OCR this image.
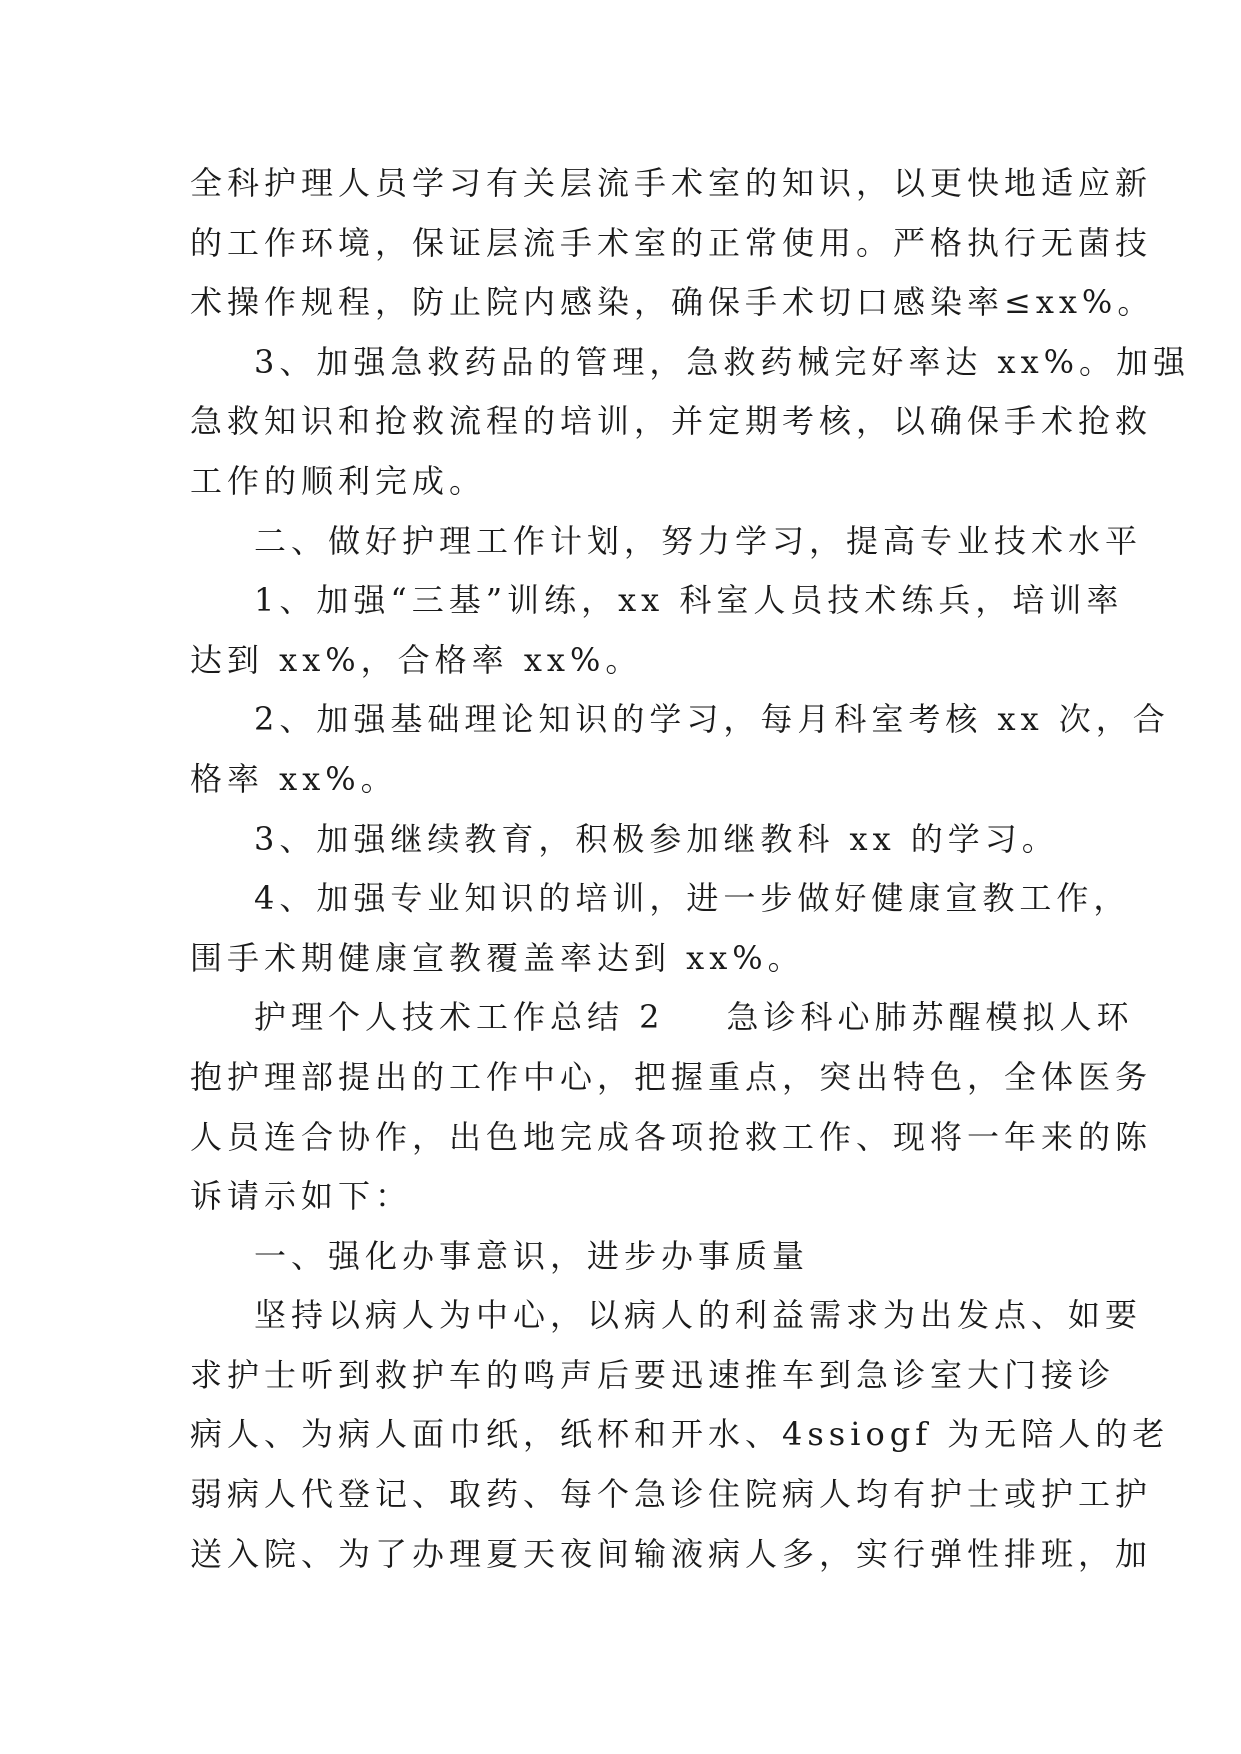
全科护理人员学习有关层流手术室的知识，以更快地适应新
的工作环境，保证层流手术室的正常使用。严格执行无菌技
术操作规程，防止院内感染，确保手术切口感染率≤xx%。
3、加强急救药品的管理，急救药械完好率达 xx%。加强
急救知识和抢救流程的培训，并定期考核，以确保手术抢救
工作的顺利完成。
二、做好护理工作计划，努力学习，提高专业技术水平
1、加强“三基”训练，xx 科室人员技术练兵，培训率
达到 xx%，合格率 xx%。
2、加强基础理论知识的学习，每月科室考核 xx 次，合
格率 xx%。
3、加强继续教育，积极参加继教科 xx 的学习。
4、加强专业知识的培训，进一步做好健康宣教工作，
围手术期健康宣教覆盖率达到 xx%。
护理个人技术工作总结 2 急诊科心肺苏醒模拟人环
抱护理部提出的工作中心，把握重点，突出特色，全体医务
人员连合协作，出色地完成各项抢救工作、现将一年来的陈
诉请示如下：
一、强化办事意识，进步办事质量
坚持以病人为中心，以病人的利益需求为出发点、如要
求护士听到救护车的鸣声后要迅速推车到急诊室大门接诊
病人、为病人面巾纸，纸杯和开水、4ssiogf 为无陪人的老
弱病人代登记、取药、每个急诊住院病人均有护士或护工护
送入院、为了办理夏天夜间输液病人多，实行弹性排班，加
